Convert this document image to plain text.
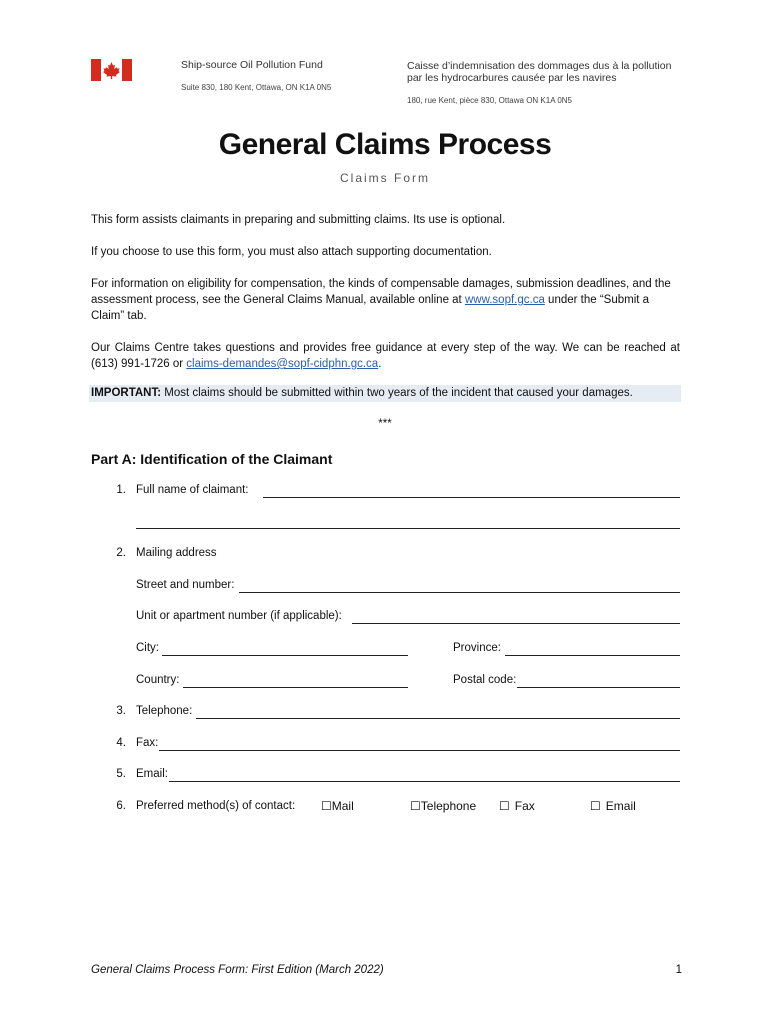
Ship-source Oil Pollution Fund
Suite 830, 180 Kent, Ottawa, ON K1A 0N5
Caisse d’indemnisation des dommages dus à la pollution
par les hydrocarbures causée par les navires
180, rue Kent, pièce 830, Ottawa ON K1A 0N5
General Claims Process
Claims Form
This form assists claimants in preparing and submitting claims. Its use is optional.
If you choose to use this form, you must also attach supporting documentation.
For information on eligibility for compensation, the kinds of compensable damages, submission deadlines, and the assessment process, see the General Claims Manual, available online at www.sopf.gc.ca under the “Submit a Claim” tab.
Our Claims Centre takes questions and provides free guidance at every step of the way. We can be reached at (613) 991-1726 or claims-demandes@sopf-cidphn.gc.ca.
IMPORTANT: Most claims should be submitted within two years of the incident that caused your damages.
***
Part A: Identification of the Claimant
1. Full name of claimant:
2. Mailing address
Street and number:
Unit or apartment number (if applicable):
City:	Province:
Country:	Postal code:
3. Telephone:
4. Fax:
5. Email:
6. Preferred method(s) of contact: ☐Mail	☐Telephone ☐ Fax	☐ Email
General Claims Process Form: First Edition (March 2022)	1
